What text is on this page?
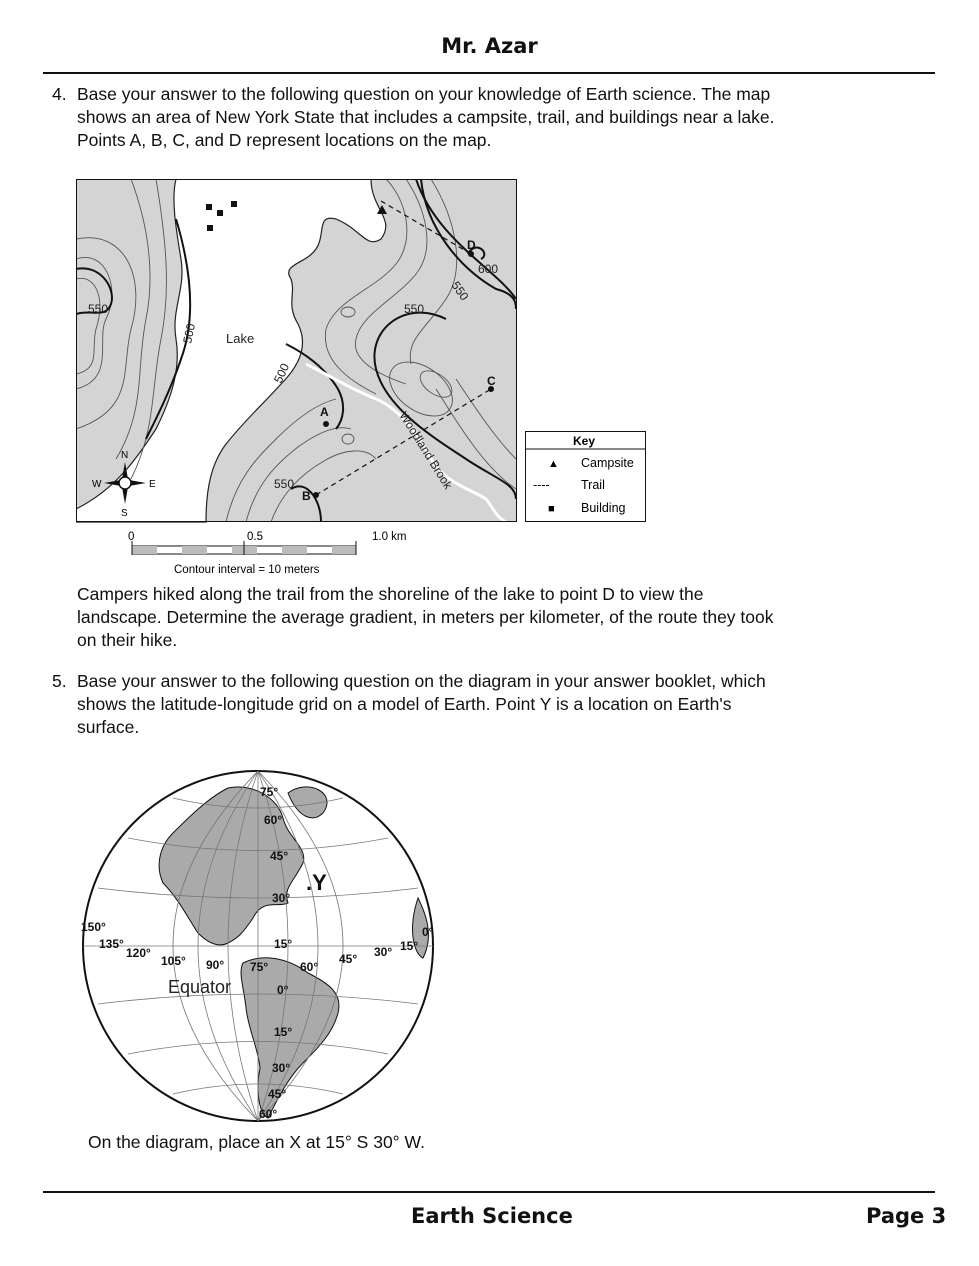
Mr. Azar
4. Base your answer to the following question on your knowledge of Earth science. The map
shows an area of New York State that includes a campsite, trail, and buildings near a lake.
Points A, B, C, and D represent locations on the map.
A
B
C
D
550
500
550
500
550
600
550
Lake
Woodland Brook
N
E
S
W
Key
▲ Campsite
----	Trail
■ Building
0	0.5	1.0 km
Contour interval = 10 meters
Campers hiked along the trail from the shoreline of the lake to point D to view the
landscape. Determine the average gradient, in meters per kilometer, of the route they took
on their hike.
5. Base your answer to the following question on the diagram in your answer booklet, which
shows the latitude-longitude grid on a model of Earth. Point Y is a location on Earth's
surface.
75°
60°
45°
30°
15°
0°
15°
30°
45°
60°
150°
135°
120°
105° 90° 75°	60°
45° 30° 15°
0°
.Y
Equator
On the diagram, place an X at 15° S 30° W.
Earth Science	Page 3
